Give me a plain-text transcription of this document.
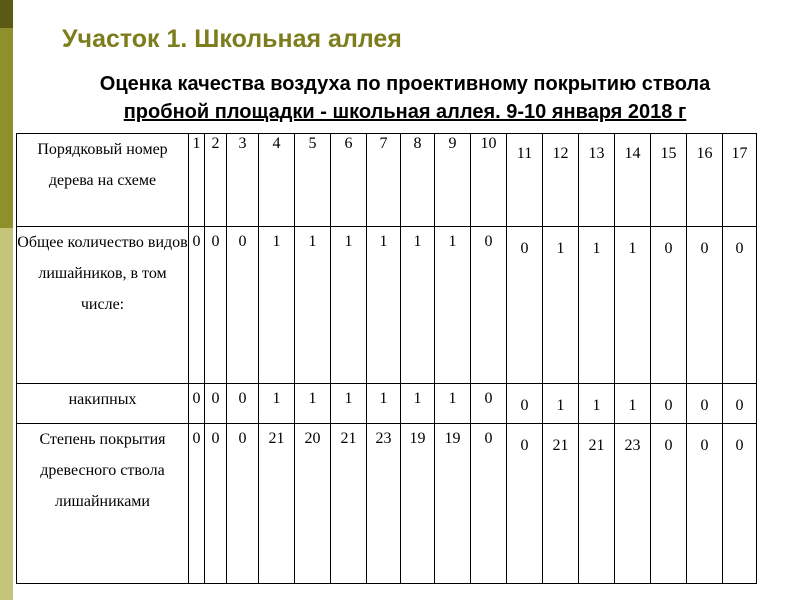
Участок 1. Школьная аллея
Оценка качества воздуха по проективному покрытию ствола
пробной площадки - школьная аллея. 9-10 января 2018 г
Порядковый номер дерева на схеме	1	2	3	4	5	6	7	8	9	10	11	12	13	14	15	16	17
Общее количество видов лишайников, в том числе:	0	0	0	1	1	1	1	1	1	0	0	1	1	1	0	0	0
накипных	0	0	0	1	1	1	1	1	1	0	0	1	1	1	0	0	0
Степень покрытия древесного ствола лишайниками	0	0	0	21	20	21	23	19	19	0	0	21	21	23	0	0	0
